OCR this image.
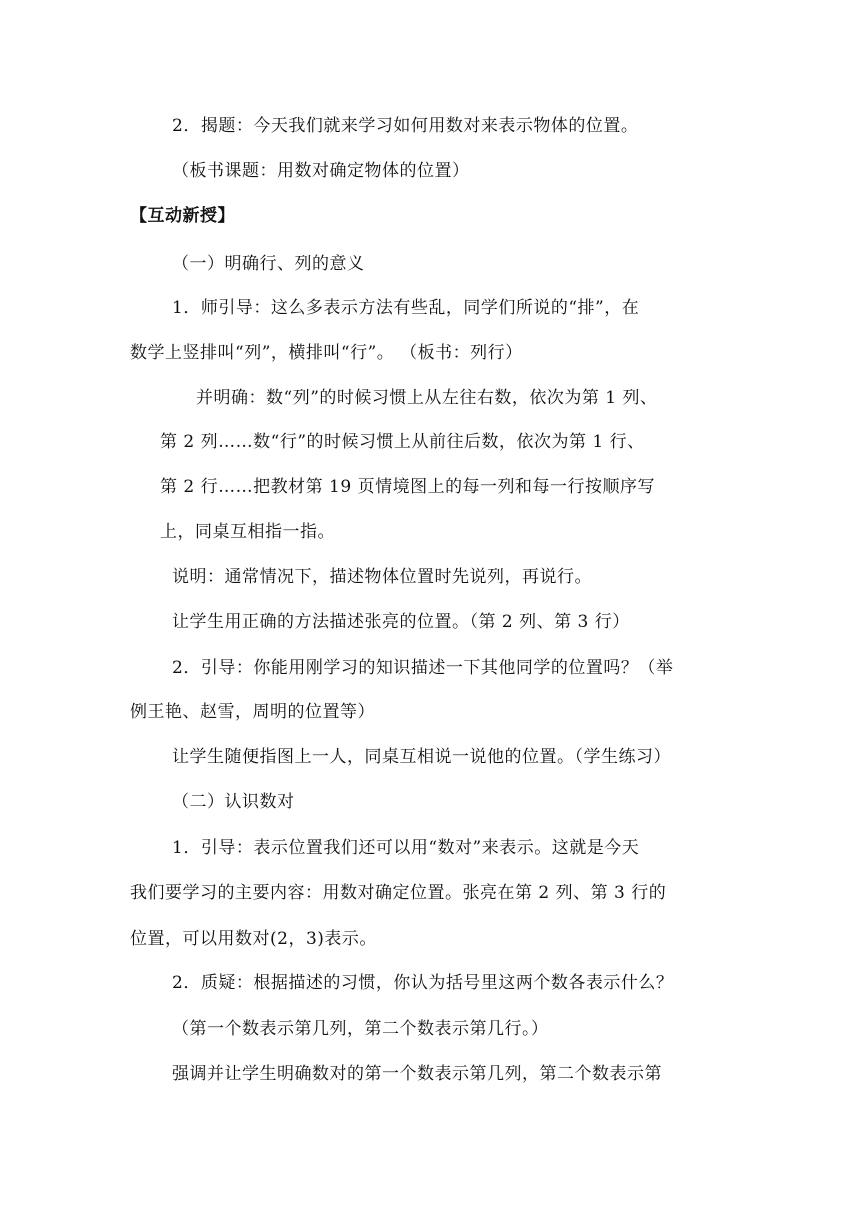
2．揭题：今天我们就来学习如何用数对来表示物体的位置。
（板书课题：用数对确定物体的位置）
【互动新授】
（一）明确行、列的意义
1．师引导：这么多表示方法有些乱，同学们所说的“排”，在
数学上竖排叫“列”，横排叫“行”。 （板书：列行）
并明确：数“列”的时候习惯上从左往右数，依次为第 1 列、
第 2 列……数“行”的时候习惯上从前往后数，依次为第 1 行、
第 2 行……把教材第 19 页情境图上的每一列和每一行按顺序写
上，同桌互相指一指。
说明：通常情况下，描述物体位置时先说列，再说行。
让学生用正确的方法描述张亮的位置。（第 2 列、第 3 行）
2．引导：你能用刚学习的知识描述一下其他同学的位置吗？（举
例王艳、赵雪，周明的位置等）
让学生随便指图上一人，同桌互相说一说他的位置。（学生练习）
（二）认识数对
1．引导：表示位置我们还可以用“数对”来表示。这就是今天
我们要学习的主要内容：用数对确定位置。张亮在第 2 列、第 3 行的
位置，可以用数对(2，3)表示。
2．质疑：根据描述的习惯，你认为括号里这两个数各表示什么？
（第一个数表示第几列，第二个数表示第几行。）
强调并让学生明确数对的第一个数表示第几列，第二个数表示第
